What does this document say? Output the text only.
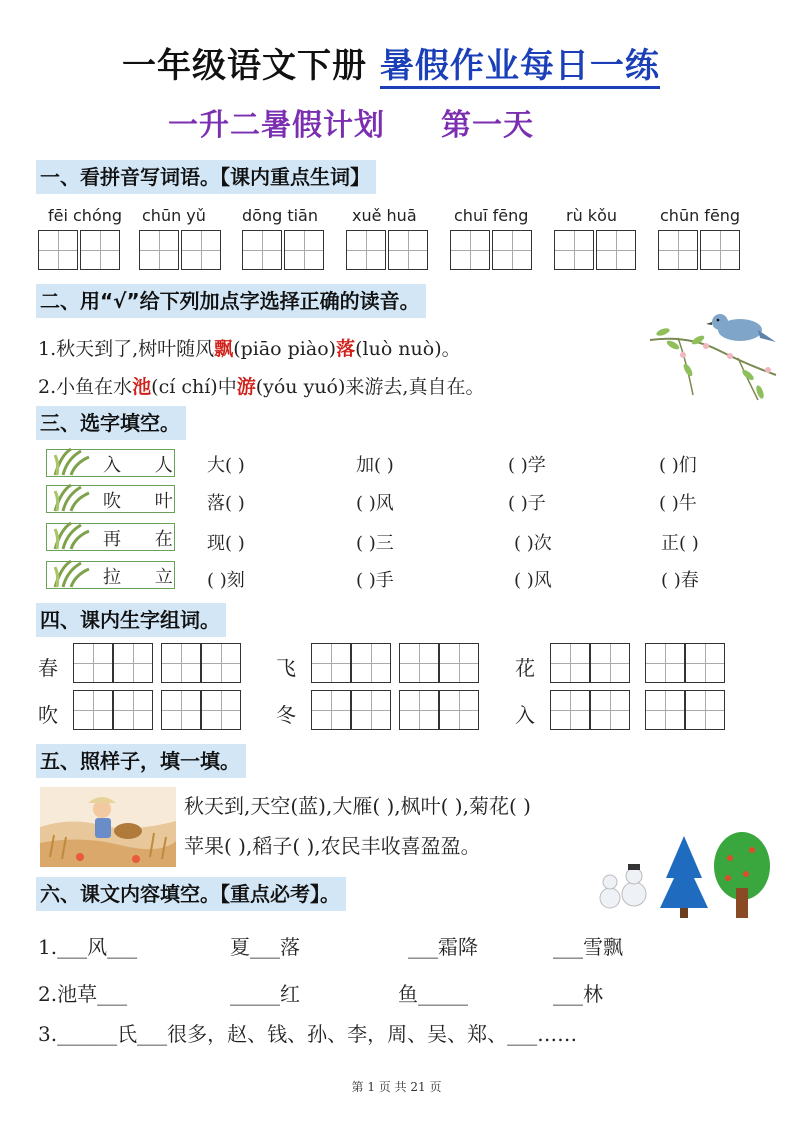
一年级语文下册 暑假作业每日一练
一升二暑假计划 第一天
一、看拼音写词语。【课内重点生词】
fēi chóng chūn yǔ dōng tiān xuě huā chuī fēng rù kǒu	chūn fēng
二、用“√”给下列加点字选择正确的读音。
1.秋天到了,树叶随风飘(piāo piào)落(luò nuò)。
2.小鱼在水池(cí chí)中游(yóu yuó)来游去,真自在。
三、选字填空。
入 人
吹 叶
再 在
拉 立
大( )	加( )	( )学	( )们
落( )	( )风	( )子	( )牛
现( )	( )三	( )次	正( )
( )刻	( )手	( )风	( )春
四、课内生字组词。
春	飞	花
吹	冬	入
五、照样子，填一填。
秋天到,天空(蓝),大雁( ),枫叶( ),菊花( )
苹果( ),稻子( ),农民丰收喜盈盈。
六、课文内容填空。【重点必考】。
1.___风___	夏___落	___霜降	___雪飘
2.池草___	_____红	鱼_____	___林
3.______氏___很多，赵、钱、孙、李，周、吴、郑、___……
第 1 页 共 21 页
